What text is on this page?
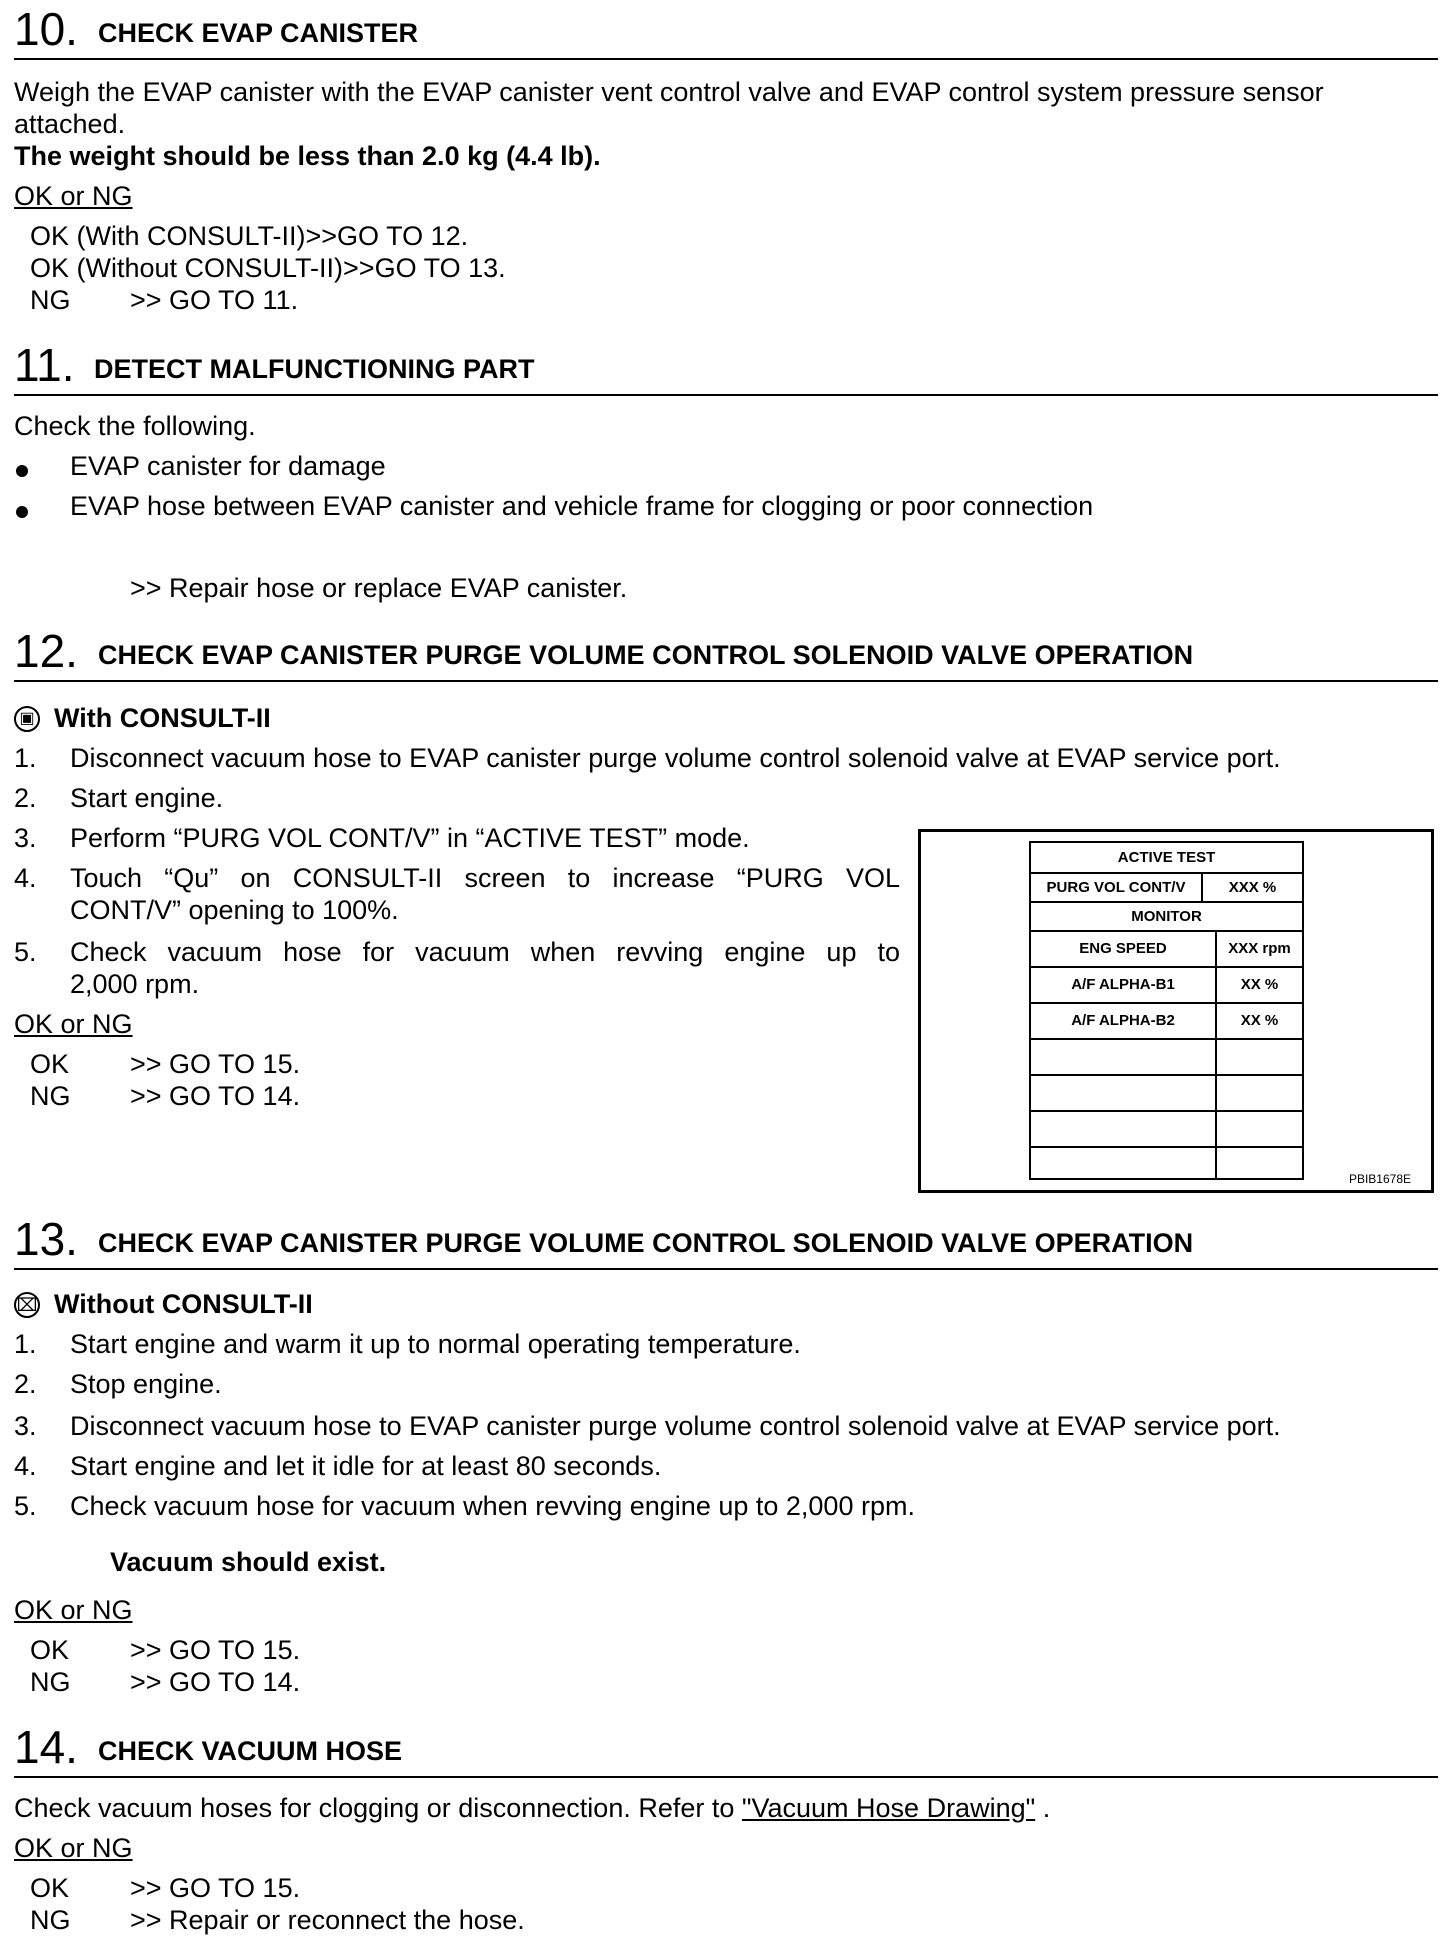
10. CHECK EVAP CANISTER
Weigh the EVAP canister with the EVAP canister vent control valve and EVAP control system pressure sensor
attached.
The weight should be less than 2.0 kg (4.4 lb).
OK or NG
OK (With CONSULT-II)>>GO TO 12.
OK (Without CONSULT-II)>>GO TO 13.
NG >> GO TO 11.
11. DETECT MALFUNCTIONING PART
Check the following.
EVAP canister for damage
EVAP hose between EVAP canister and vehicle frame for clogging or poor connection
>> Repair hose or replace EVAP canister.
12. CHECK EVAP CANISTER PURGE VOLUME CONTROL SOLENOID VALVE OPERATION
▣ With CONSULT-II
1. Disconnect vacuum hose to EVAP canister purge volume control solenoid valve at EVAP service port.
2. Start engine.
3. Perform “PURG VOL CONT/V” in “ACTIVE TEST” mode.
4. Touch “Qu” on CONSULT-II screen to increase “PURG VOL
CONT/V” opening to 100%.
5. Check vacuum hose for vacuum when revving engine up to
2,000 rpm.
OK or NG
OK >> GO TO 15.
NG >> GO TO 14.
ACTIVE TEST
PURG VOL CONT/V	XXX %
MONITOR
ENG SPEED	XXX rpm
A/F ALPHA-B1	XX %
A/F ALPHA-B2	XX %
PBIB1678E
13. CHECK EVAP CANISTER PURGE VOLUME CONTROL SOLENOID VALVE OPERATION
⌧ Without CONSULT-II
1. Start engine and warm it up to normal operating temperature.
2. Stop engine.
3. Disconnect vacuum hose to EVAP canister purge volume control solenoid valve at EVAP service port.
4. Start engine and let it idle for at least 80 seconds.
5. Check vacuum hose for vacuum when revving engine up to 2,000 rpm.
Vacuum should exist.
OK or NG
OK >> GO TO 15.
NG >> GO TO 14.
14. CHECK VACUUM HOSE
Check vacuum hoses for clogging or disconnection. Refer to "Vacuum Hose Drawing" .
OK or NG
OK >> GO TO 15.
NG >> Repair or reconnect the hose.
